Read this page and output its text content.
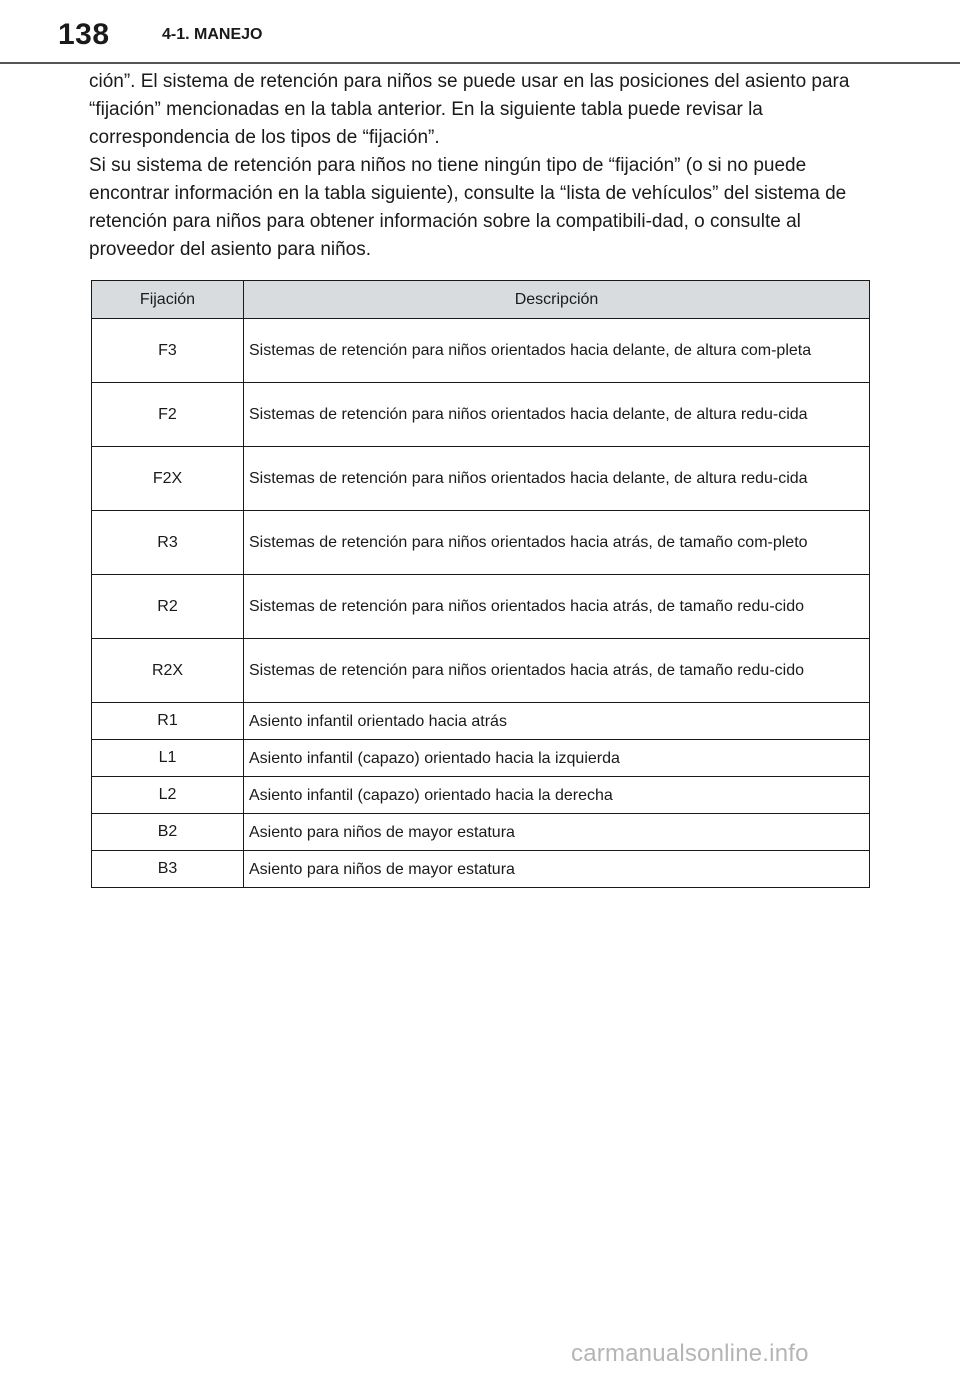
138	4-1. MANEJO

ción”. El sistema de retención para niños se puede usar en las posiciones del asiento para “fijación” mencionadas en la tabla anterior. En la siguiente tabla puede revisar la correspondencia de los tipos de “fijación”.

Si su sistema de retención para niños no tiene ningún tipo de “fijación” (o si no puede encontrar información en la tabla siguiente), consulte la “lista de vehículos” del sistema de retención para niños para obtener información sobre la compatibili-dad, o consulte al proveedor del asiento para niños.

Fijación	Descripción
F3	Sistemas de retención para niños orientados hacia delante, de altura com-pleta
F2	Sistemas de retención para niños orientados hacia delante, de altura redu-cida
F2X	Sistemas de retención para niños orientados hacia delante, de altura redu-cida
R3	Sistemas de retención para niños orientados hacia atrás, de tamaño com-pleto
R2	Sistemas de retención para niños orientados hacia atrás, de tamaño redu-cido
R2X	Sistemas de retención para niños orientados hacia atrás, de tamaño redu-cido
R1	Asiento infantil orientado hacia atrás
L1	Asiento infantil (capazo) orientado hacia la izquierda
L2	Asiento infantil (capazo) orientado hacia la derecha
B2	Asiento para niños de mayor estatura
B3	Asiento para niños de mayor estatura
carmanualsonline.info
